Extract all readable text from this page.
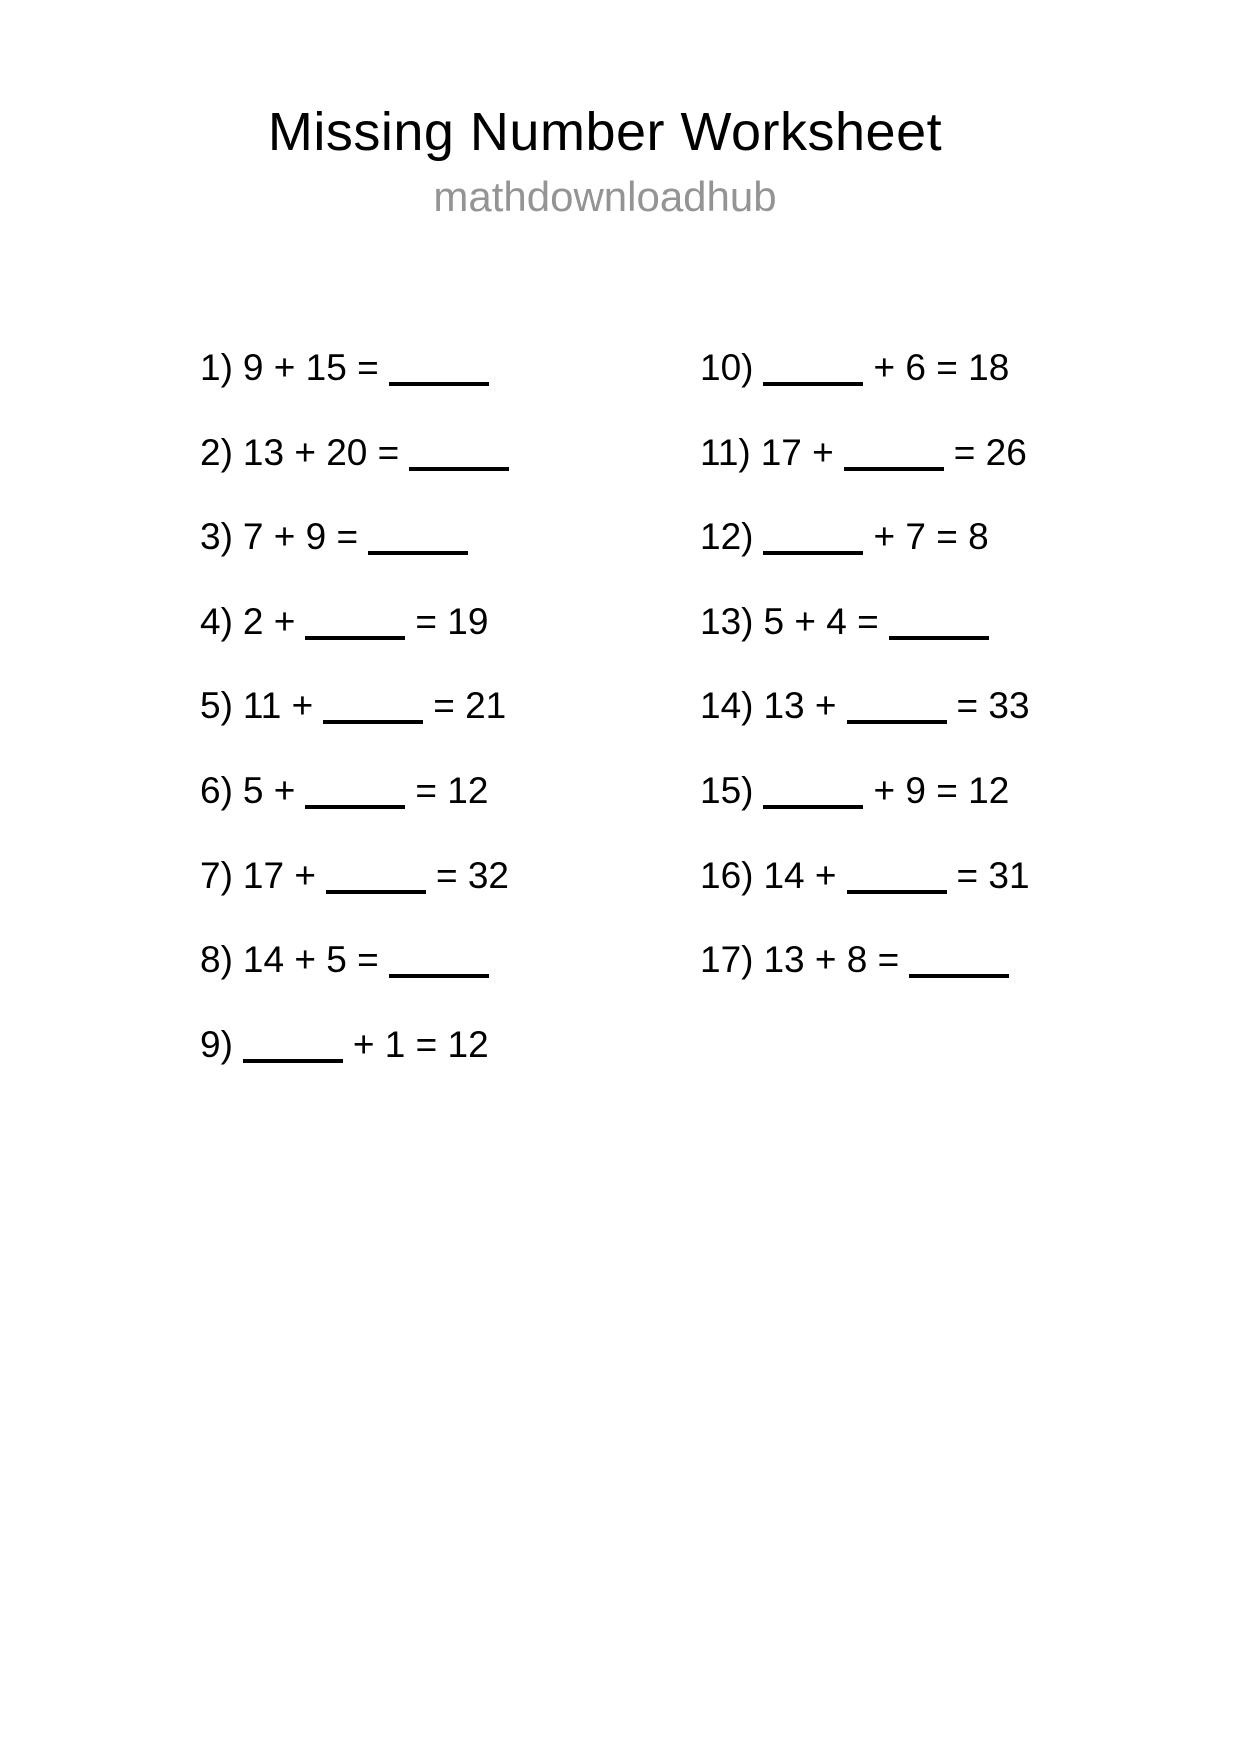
Missing Number Worksheet
mathdownloadhub
1) 9 + 15 =
2) 13 + 20 =
3) 7 + 9 =
4) 2 +	= 19
5) 11 +	= 21
6) 5 +	= 12
7) 17 +	= 32
8) 14 + 5 =
9)	+ 1 = 12
10)	+ 6 = 18
11) 17 +	= 26
12)	+ 7 = 8
13) 5 + 4 =
14) 13 +	= 33
15)	+ 9 = 12
16) 14 +	= 31
17) 13 + 8 =
